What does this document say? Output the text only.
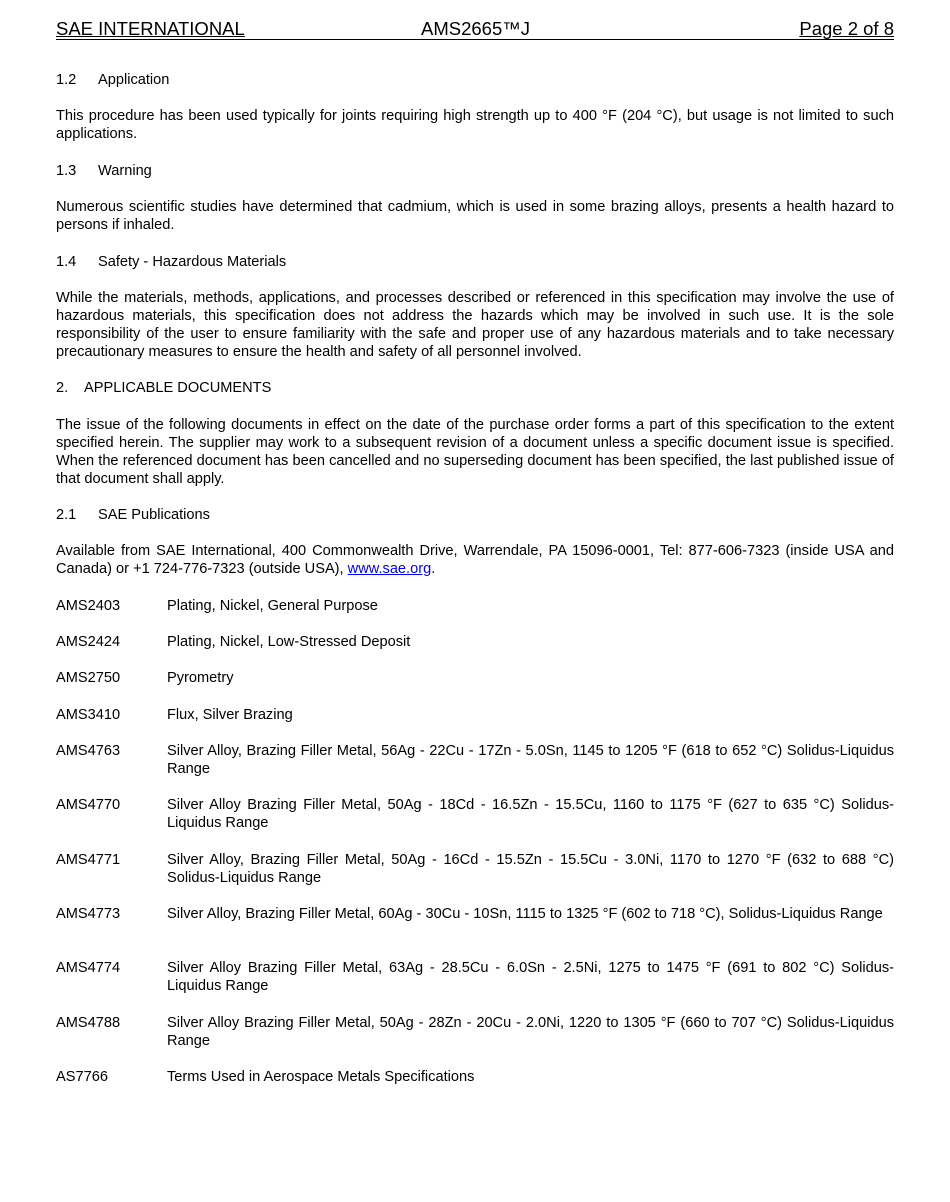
SAE INTERNATIONAL	AMS2665™J	Page 2 of 8
1.2 Application
This procedure has been used typically for joints requiring high strength up to 400 °F (204 °C), but usage is not limited to such applications.
1.3 Warning
Numerous scientific studies have determined that cadmium, which is used in some brazing alloys, presents a health hazard to persons if inhaled.
1.4 Safety - Hazardous Materials
While the materials, methods, applications, and processes described or referenced in this specification may involve the use of hazardous materials, this specification does not address the hazards which may be involved in such use. It is the sole responsibility of the user to ensure familiarity with the safe and proper use of any hazardous materials and to take necessary precautionary measures to ensure the health and safety of all personnel involved.
2. APPLICABLE DOCUMENTS
The issue of the following documents in effect on the date of the purchase order forms a part of this specification to the extent specified herein. The supplier may work to a subsequent revision of a document unless a specific document issue is specified. When the referenced document has been cancelled and no superseding document has been specified, the last published issue of that document shall apply.
2.1 SAE Publications
Available from SAE International, 400 Commonwealth Drive, Warrendale, PA 15096-0001, Tel: 877-606-7323 (inside USA and Canada) or +1 724-776-7323 (outside USA), www.sae.org.
AMS2403	Plating, Nickel, General Purpose
AMS2424	Plating, Nickel, Low-Stressed Deposit
AMS2750	Pyrometry
AMS3410	Flux, Silver Brazing
AMS4763	Silver Alloy, Brazing Filler Metal, 56Ag - 22Cu - 17Zn - 5.0Sn, 1145 to 1205 °F (618 to 652 °C) Solidus-Liquidus Range
AMS4770	Silver Alloy Brazing Filler Metal, 50Ag - 18Cd - 16.5Zn - 15.5Cu, 1160 to 1175 °F (627 to 635 °C) Solidus-Liquidus Range
AMS4771	Silver Alloy, Brazing Filler Metal, 50Ag - 16Cd - 15.5Zn - 15.5Cu - 3.0Ni, 1170 to 1270 °F (632 to 688 °C) Solidus-Liquidus Range
AMS4773	Silver Alloy, Brazing Filler Metal, 60Ag - 30Cu - 10Sn, 1115 to 1325 °F (602 to 718 °C), Solidus-Liquidus Range
AMS4774	Silver Alloy Brazing Filler Metal, 63Ag - 28.5Cu - 6.0Sn - 2.5Ni, 1275 to 1475 °F (691 to 802 °C) Solidus-Liquidus Range
AMS4788	Silver Alloy Brazing Filler Metal, 50Ag - 28Zn - 20Cu - 2.0Ni, 1220 to 1305 °F (660 to 707 °C) Solidus-Liquidus Range
AS7766	Terms Used in Aerospace Metals Specifications
